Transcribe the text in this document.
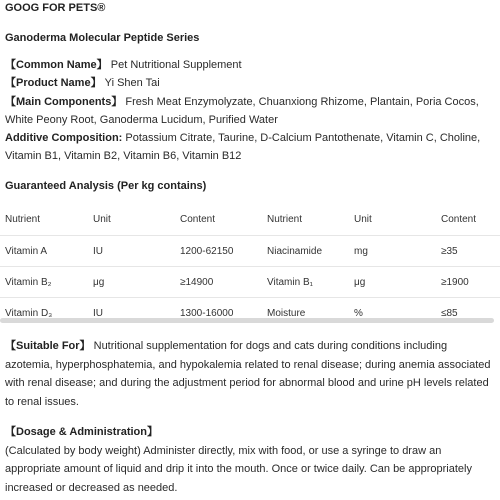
GOOG FOR PETS®
Ganoderma Molecular Peptide Series

【Common Name】 Pet Nutritional Supplement

【Product Name】 Yi Shen Tai

【Main Components】 Fresh Meat Enzymolyzate, Chuanxiong Rhizome, Plantain, Poria Cocos, White Peony Root, Ganoderma Lucidum, Purified Water

Additive Composition: Potassium Citrate, Taurine, D-Calcium Pantothenate, Vitamin C, Choline, Vitamin B1, Vitamin B2, Vitamin B6, Vitamin B12

Guaranteed Analysis (Per kg contains)
Nutrient	Unit	Content	Nutrient	Unit	Content
Vitamin A	IU	1200-62150	Niacinamide	mg	≥35
Vitamin B₂	μg	≥14900	Vitamin B₁	μg	≥1900
Vitamin D₃	IU	1300-16000	Moisture	%	≤85

【Suitable For】 Nutritional supplementation for dogs and cats during conditions including azotemia, hyperphosphatemia, and hypokalemia related to renal disease; during anemia associated with renal disease; and during the adjustment period for abnormal blood and urine pH levels related to renal issues.

【Dosage & Administration】

(Calculated by body weight) Administer directly, mix with food, or use a syringe to draw an appropriate amount of liquid and drip it into the mouth. Once or twice daily. Can be appropriately increased or decreased as needed.
